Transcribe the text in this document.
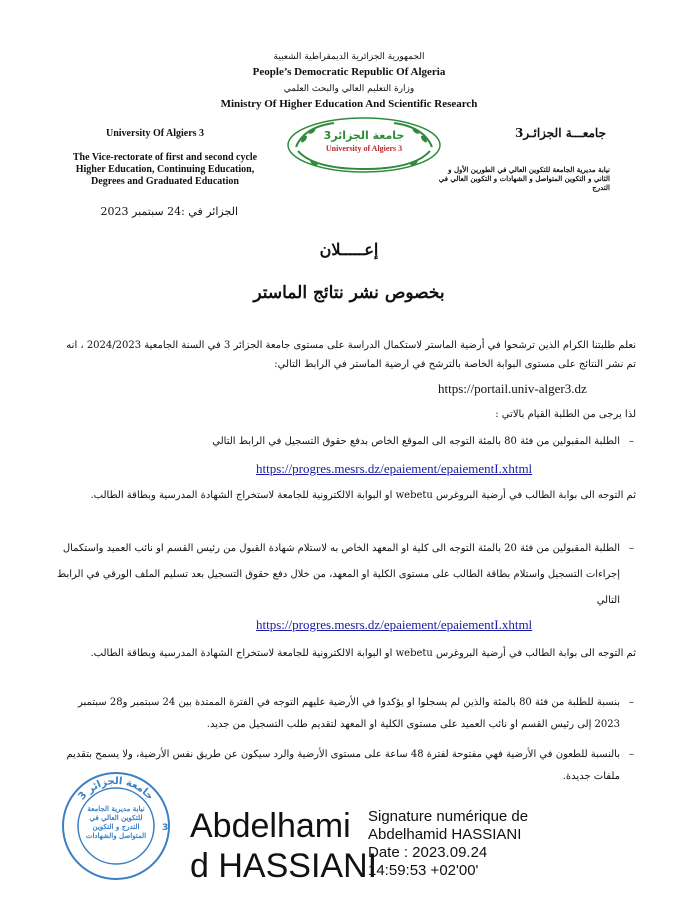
الجمهورية الجزائرية الديمقراطية الشعبية
People’s Democratic Republic Of Algeria
وزارة التعليم العالي والبحث العلمي
Ministry Of Higher Education And Scientific Research
University Of Algiers 3
The Vice-rectorate of first and second cycle Higher Education, Continuing Education, Degrees and Graduated Education
جامعـــة الجزائـر3
نيابة مديرية الجامعة للتكوين العالي في الطورين الأول و الثاني و التكوين المتواصل و الشهادات و التكوين العالي في التدرج
جامعة الجزائر3
University of Algiers 3
الجزائر في :24 سبتمبر 2023
إعـــــلان
بخصوص نشر نتائج الماستر
نعلم طلبتنا الكرام الذين ترشحوا في أرضية الماستر لاستكمال الدراسة على مستوى جامعة الجزائر 3 في السنة الجامعية 2024/2023 ، انه تم نشر النتائج على مستوى البوابة الخاصة بالترشح في ارضية الماستر في الرابط التالي:
https://portail.univ-alger3.dz
لذا يرجى من الطلبة القيام بالاتي :
–
الطلبة المقبولين من فئة 80 بالمئة التوجه الى الموقع الخاص بدفع حقوق التسجيل في الرابط التالي
https://progres.mesrs.dz/epaiement/epaiementI.xhtml
ثم التوجه الى بوابة الطالب في أرضية البروغرس webetu او البوابة الالكترونية للجامعة لاستخراج الشهادة المدرسية وبطاقة الطالب.
–
الطلبة المقبولين من فئة 20 بالمئة التوجه الى كلية او المعهد الخاص به لاستلام شهادة القبول من رئيس القسم او نائب العميد واستكمال إجراءات التسجيل واستلام بطاقة الطالب على مستوى الكلية او المعهد، من خلال دفع حقوق التسجيل بعد تسليم الملف الورقي في الرابط التالي
https://progres.mesrs.dz/epaiement/epaiementI.xhtml
ثم التوجه الى بوابة الطالب في أرضية البروغرس webetu او البوابة الالكترونية للجامعة لاستخراج الشهادة المدرسية وبطاقة الطالب.
–
بنسبة للطلبة من فئة 80 بالمئة والذين لم يسجلوا او يؤكدوا في الأرضية عليهم التوجه في الفترة الممتدة بين 24 سبتمبر و28 سبتمبر 2023 إلى رئيس القسم او نائب العميد على مستوى الكلية او المعهد لتقديم طلب التسجيل من جديد.
–
بالنسبة للطعون في الأرضية فهي مفتوحة لفترة 48 ساعة على مستوى الأرضية والرد سيكون عن طريق نفس الأرضية، ولا يسمح بتقديم ملفات جديدة.
جامعة الجزائر 3
3
نيابة مديرية الجامعة للتكوين العالي في التدرج و التكوين المتواصل والشهادات Abdelhami
d HASSIANI
Signature numérique de
Abdelhamid HASSIANI
Date : 2023.09.24
14:59:53 +02'00'
